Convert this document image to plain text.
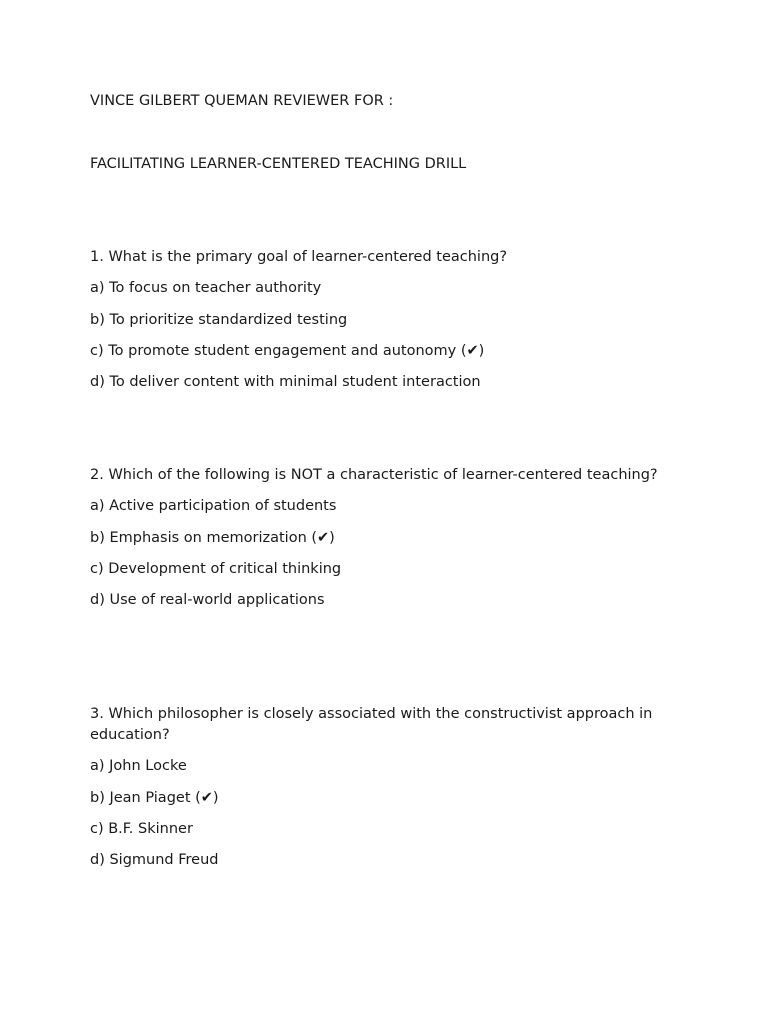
VINCE GILBERT QUEMAN REVIEWER FOR :
FACILITATING LEARNER-CENTERED TEACHING DRILL

1. What is the primary goal of learner-centered teaching?

a) To focus on teacher authority
b) To prioritize standardized testing
c) To promote student engagement and autonomy (✔)
d) To deliver content with minimal student interaction

2. Which of the following is NOT a characteristic of learner-centered teaching?

a) Active participation of students
b) Emphasis on memorization (✔)
c) Development of critical thinking
d) Use of real-world applications

3. Which philosopher is closely associated with the constructivist approach in education?

a) John Locke
b) Jean Piaget (✔)
c) B.F. Skinner
d) Sigmund Freud
